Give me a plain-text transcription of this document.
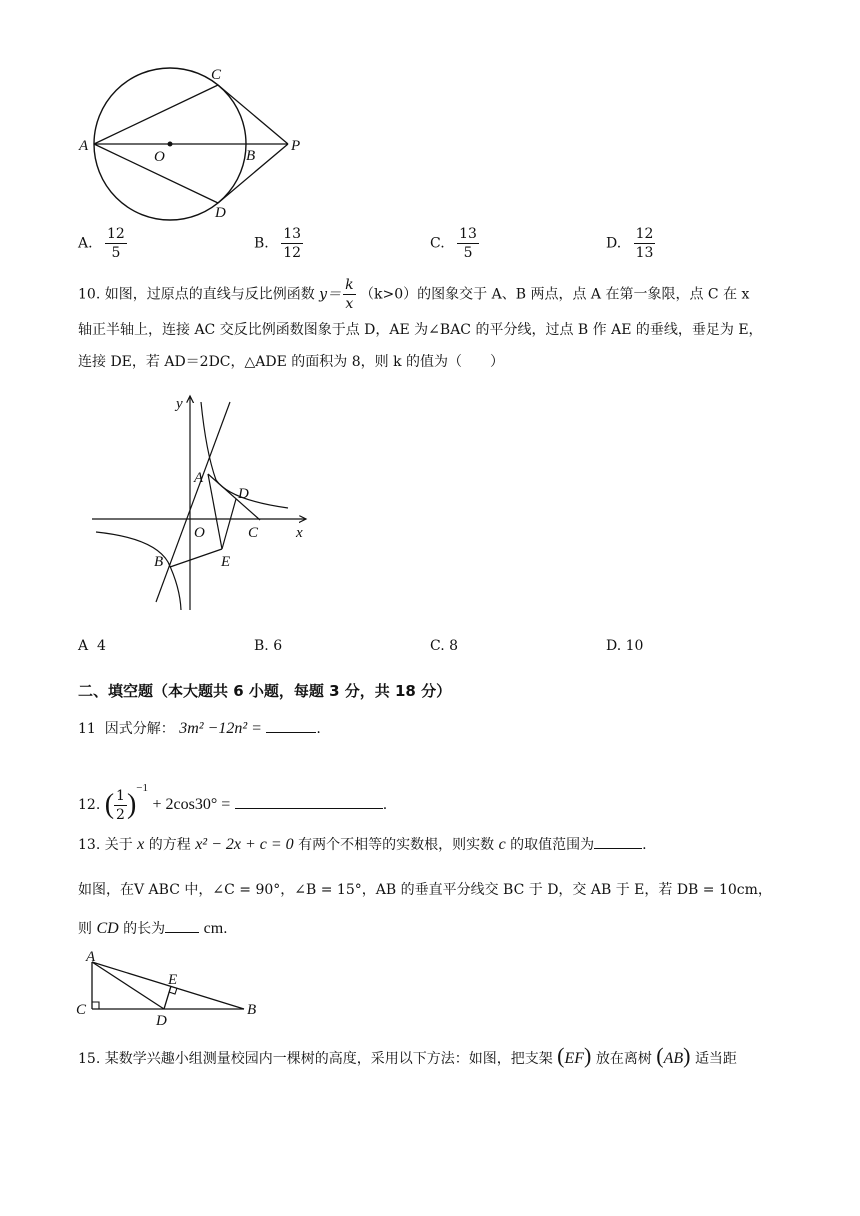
A
C
O	B
P
D
A. $\frac{12}{5}$	B. $\frac{13}{12}$	C. $\frac{13}{5}$	D. $\frac{12}{13}$
10. 如图，过原点的直线与反比例函数 $y= \frac{k}{x} (k>0)$的图象交于 A、B 两点，点 A 在第一象限，点 C 在 x
轴正半轴上，连接 AC 交反比例函数图象于点 D，AE 为∠BAC 的平分线，过点 B 作 AE 的垂线，垂足为 E，
连接 DE，若 AD＝2DC，△ADE 的面积为 8，则 k 的值为（　　）
y
x
A
D
O	C
B	E
A 4	B. 6	C. 8	D. 10
二、填空题（本大题共 6 小题，每题 3 分，共 18 分）
11 因式分解： 3m² −12n² =	.
12. ( $\frac{1}{2} )^{-1} + 2\cos 30^\circ$ =	.
13. 关于 x 的方程 x² − 2x + c = 0 有两个不相等的实数根，则实数 c 的取值范围为	.
如图，在V ABC 中，∠C = 90°，∠B = 15°，AB 的垂直平分线交 BC 于 D，交 AB 于 E，若 DB = 10cm，
则 CD 的长为 cm.
A
E
C
D
B
15. 某数学兴趣小组测量校园内一棵树的高度，采用以下方法：如图，把支架 (EF) 放在离树 (AB) 适当距
